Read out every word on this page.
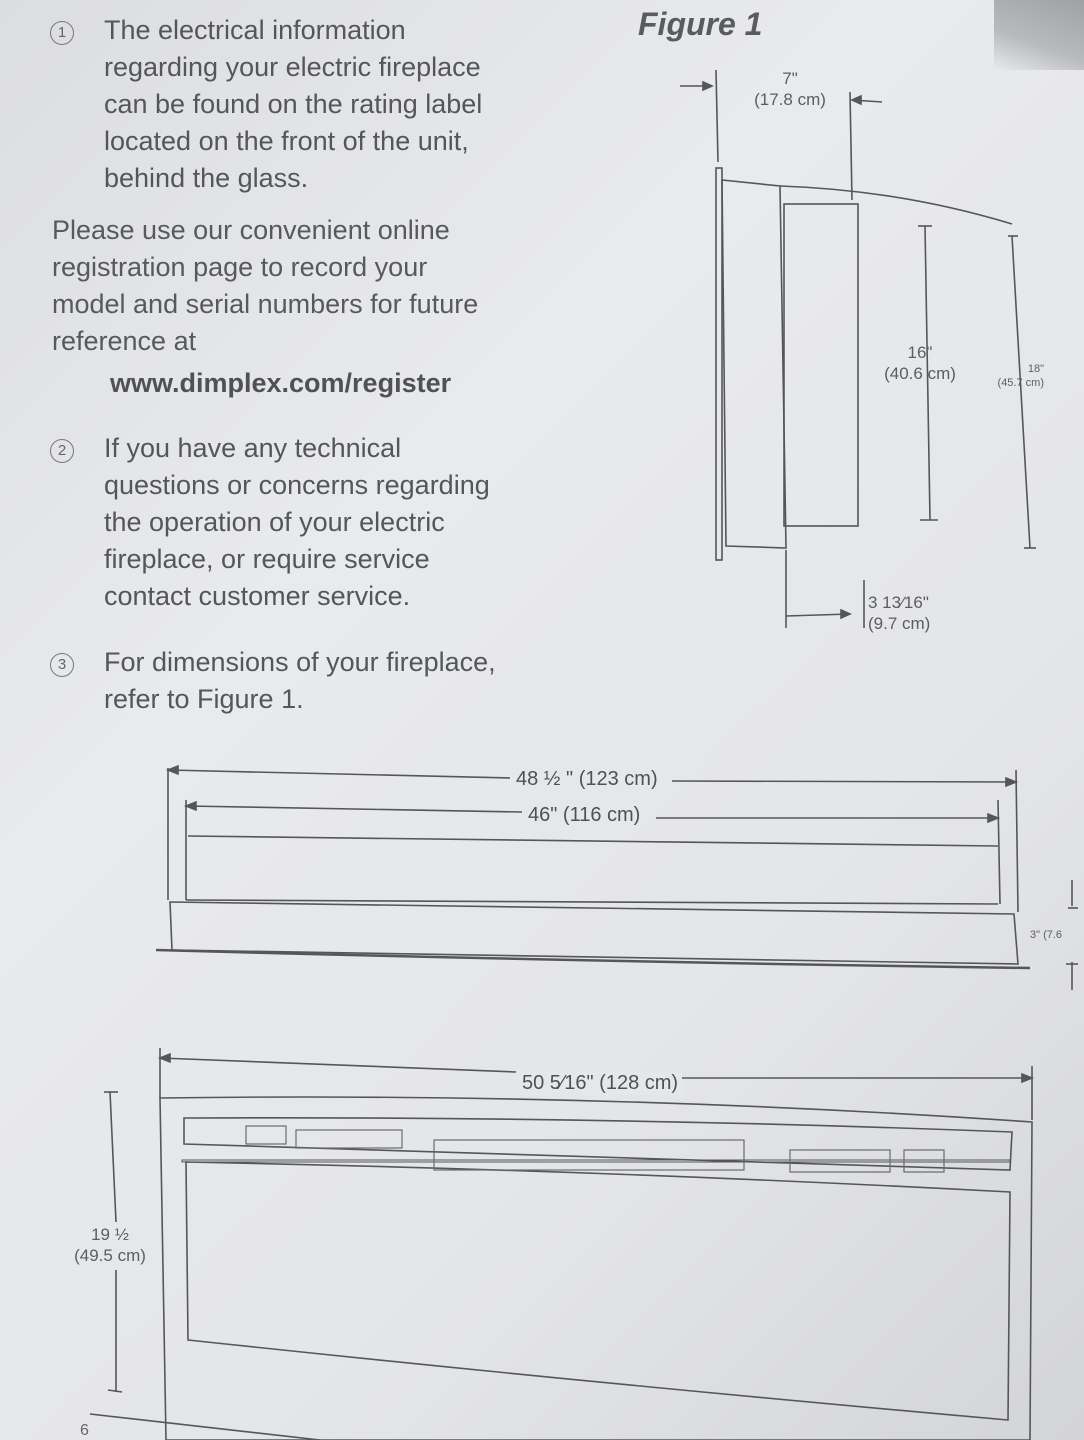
1 The electrical information
regarding your electric fireplace
can be found on the rating label
located on the front of the unit,
behind the glass.
Please use our convenient online
registration page to record your
model and serial numbers for future
reference at
www.dimplex.com/register
2 If you have any technical
questions or concerns regarding
the operation of your electric
fireplace, or require service
contact customer service.
3 For dimensions of your fireplace,
refer to Figure 1.
Figure 1
7"
(17.8 cm)
16"
(40.6 cm)	18"
(45.7 cm)
3 13⁄16"
(9.7 cm)
48 ½ " (123 cm)
46" (116 cm)
3" (7.6
50 5⁄16" (128 cm)
19 ½
(49.5 cm)
6
